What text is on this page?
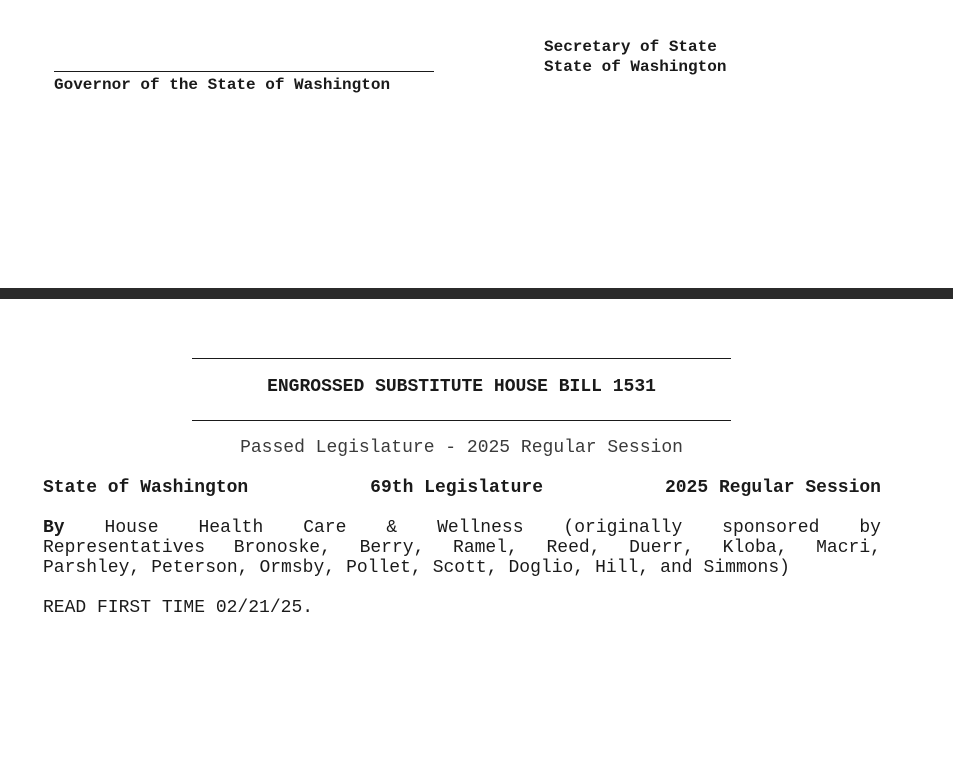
Governor of the State of Washington
Secretary of State
State of Washington
ENGROSSED SUBSTITUTE HOUSE BILL 1531
Passed Legislature - 2025 Regular Session
State of Washington	69th Legislature	2025 Regular Session
By House Health Care & Wellness (originally sponsored by
Representatives Bronoske, Berry, Ramel, Reed, Duerr, Kloba, Macri,
Parshley, Peterson, Ormsby, Pollet, Scott, Doglio, Hill, and Simmons)
READ FIRST TIME 02/21/25.
